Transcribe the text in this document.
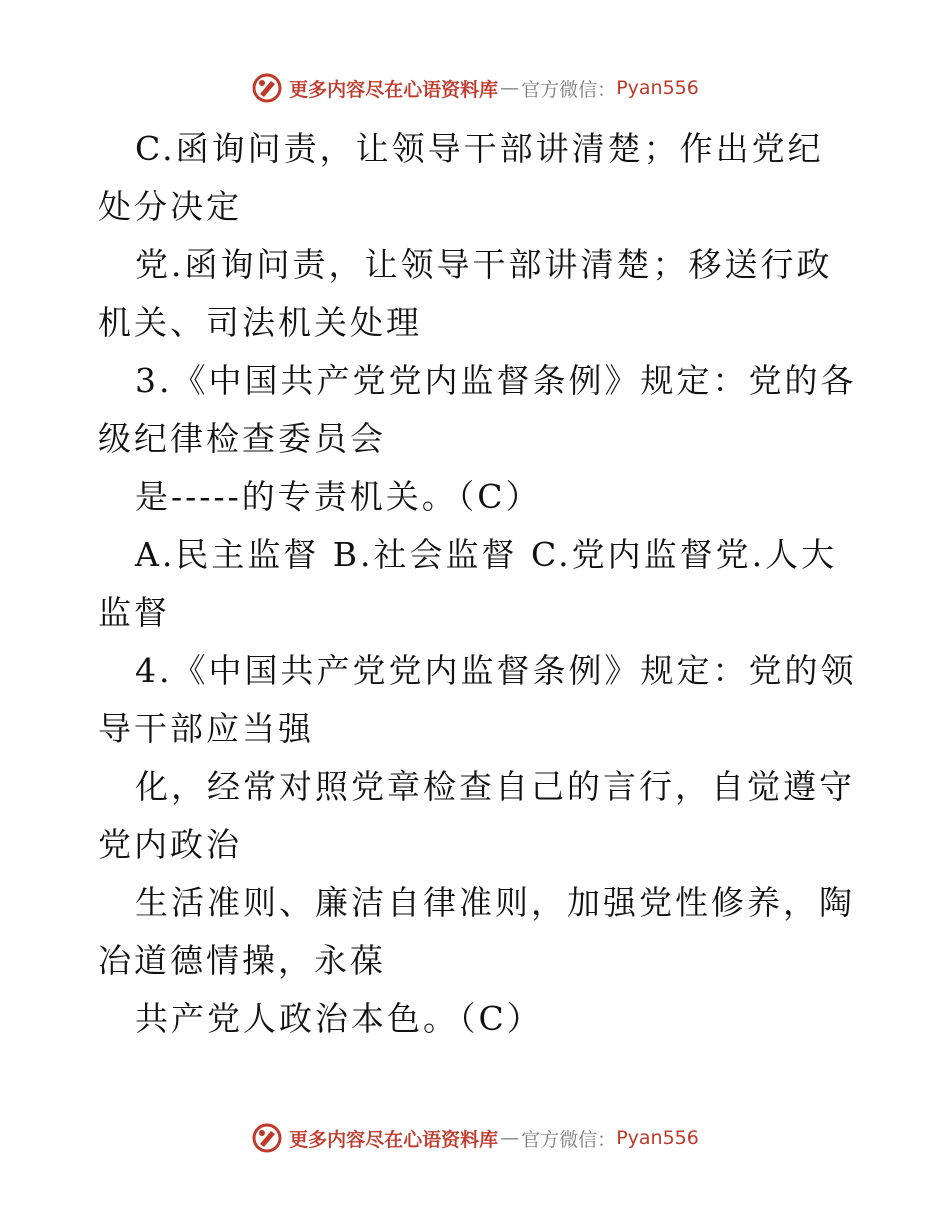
更多内容尽在心语资料库 — 官方微信： Pyan556

C.函询问责，让领导干部讲清楚；作出党纪处分决定

党.函询问责，让领导干部讲清楚；移送行政机关、司法机关处理

3.《中国共产党党内监督条例》规定：党的各级纪律检查委员会

是-----的专责机关。（C）

A.民主监督 B.社会监督 C.党内监督党.人大监督

4.《中国共产党党内监督条例》规定：党的领导干部应当强

化，经常对照党章检查自己的言行，自觉遵守党内政治

生活准则、廉洁自律准则，加强党性修养，陶冶道德情操，永葆

共产党人政治本色。（C）

更多内容尽在心语资料库 — 官方微信： Pyan556
